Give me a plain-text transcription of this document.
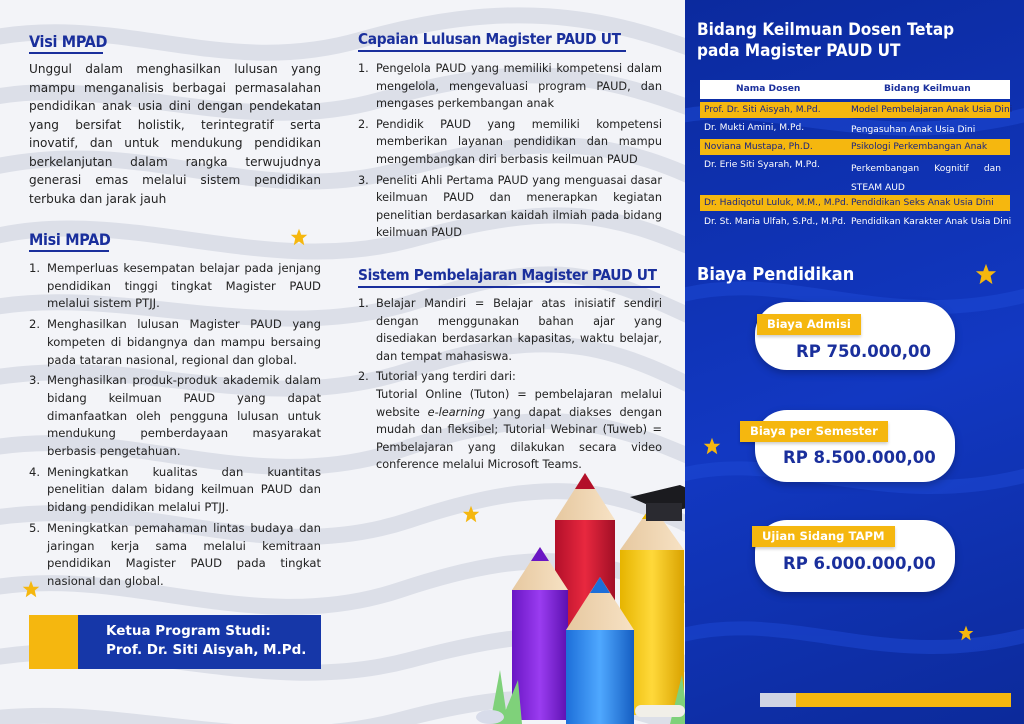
Visi MPAD
Unggul dalam menghasilkan lulusan yang mampu menganalisis berbagai permasalahan pendidikan anak usia dini dengan pendekatan yang bersifat holistik, terintegratif serta inovatif, dan untuk mendukung pendidikan berkelanjutan dalam rangka terwujudnya generasi emas melalui sistem pendidikan terbuka dan jarak jauh
Misi MPAD
1. Memperluas kesempatan belajar pada jenjang pendidikan tinggi tingkat Magister PAUD melalui sistem PTJJ.
2. Menghasilkan lulusan Magister PAUD yang kompeten di bidangnya dan mampu bersaing pada tataran nasional, regional dan global.
3. Menghasilkan produk-produk akademik dalam bidang keilmuan PAUD yang dapat dimanfaatkan oleh pengguna lulusan untuk mendukung pemberdayaan masyarakat berbasis pengetahuan.
4. Meningkatkan kualitas dan kuantitas penelitian dalam bidang keilmuan PAUD dan bidang pendidikan melalui PTJJ.
5. Meningkatkan pemahaman lintas budaya dan jaringan kerja sama melalui kemitraan pendidikan Magister PAUD pada tingkat nasional dan global.
Ketua Program Studi:
Prof. Dr. Siti Aisyah, M.Pd.
Capaian Lulusan Magister PAUD UT
1. Pengelola PAUD yang memiliki kompetensi dalam mengelola, mengevaluasi program PAUD, dan mengases perkembangan anak
2. Pendidik PAUD yang memiliki kompetensi memberikan layanan pendidikan dan mampu mengembangkan diri berbasis keilmuan PAUD
3. Peneliti Ahli Pertama PAUD yang menguasai dasar keilmuan PAUD dan menerapkan kegiatan penelitian berdasarkan kaidah ilmiah pada bidang keilmuan PAUD
Sistem Pembelajaran Magister PAUD UT
1. Belajar Mandiri = Belajar atas inisiatif sendiri dengan menggunakan bahan ajar yang disediakan berdasarkan kapasitas, waktu belajar, dan tempat mahasiswa.
2. Tutorial yang terdiri dari:
Tutorial Online (Tuton) = pembelajaran melalui website e-learning yang dapat diakses dengan mudah dan fleksibel; Tutorial Webinar (Tuweb) = Pembelajaran yang dilakukan secara video conference melalui Microsoft Teams.
Bidang Keilmuan Dosen Tetap pada Magister PAUD UT
Nama Dosen	Bidang Keilmuan
Prof. Dr. Siti Aisyah, M.Pd.	Model Pembelajaran Anak Usia Dini
Dr. Mukti Amini, M.Pd.	Pengasuhan Anak Usia Dini
Noviana Mustapa, Ph.D.	Psikologi Perkembangan Anak
Dr. Erie Siti Syarah, M.Pd.	Perkembangan Kognitif dan STEAM AUD
Dr. Hadiqotul Luluk, M.M., M.Pd. Pendidikan Seks Anak Usia Dini
Dr. St. Maria Ulfah, S.Pd., M.Pd. Pendidikan Karakter Anak Usia Dini
Biaya Pendidikan
RP 750.000,00
Biaya Admisi
RP 8.500.000,00
Biaya per Semester
RP 6.000.000,00
Ujian Sidang TAPM
